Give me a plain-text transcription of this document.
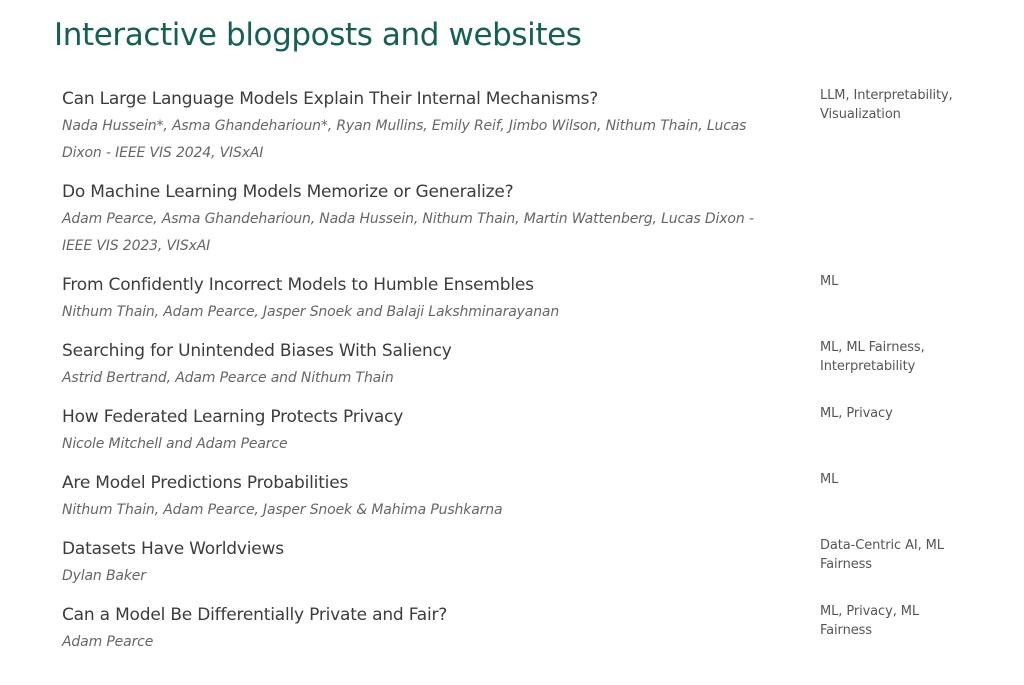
Interactive blogposts and websites
Can Large Language Models Explain Their Internal Mechanisms?
Nada Hussein*, Asma Ghandeharioun*, Ryan Mullins, Emily Reif, Jimbo Wilson, Nithum Thain, Lucas Dixon - IEEE VIS 2024, VISxAI
LLM, Interpretability, Visualization
Do Machine Learning Models Memorize or Generalize?
Adam Pearce, Asma Ghandeharioun, Nada Hussein, Nithum Thain, Martin Wattenberg, Lucas Dixon - IEEE VIS 2023, VISxAI
From Confidently Incorrect Models to Humble Ensembles
Nithum Thain, Adam Pearce, Jasper Snoek and Balaji Lakshminarayanan
ML
Searching for Unintended Biases With Saliency
Astrid Bertrand, Adam Pearce and Nithum Thain
ML, ML Fairness, Interpretability
How Federated Learning Protects Privacy
Nicole Mitchell and Adam Pearce
ML, Privacy
Are Model Predictions Probabilities
Nithum Thain, Adam Pearce, Jasper Snoek & Mahima Pushkarna
ML
Datasets Have Worldviews
Dylan Baker
Data-Centric AI, ML Fairness
Can a Model Be Differentially Private and Fair?
Adam Pearce
ML, Privacy, ML Fairness
